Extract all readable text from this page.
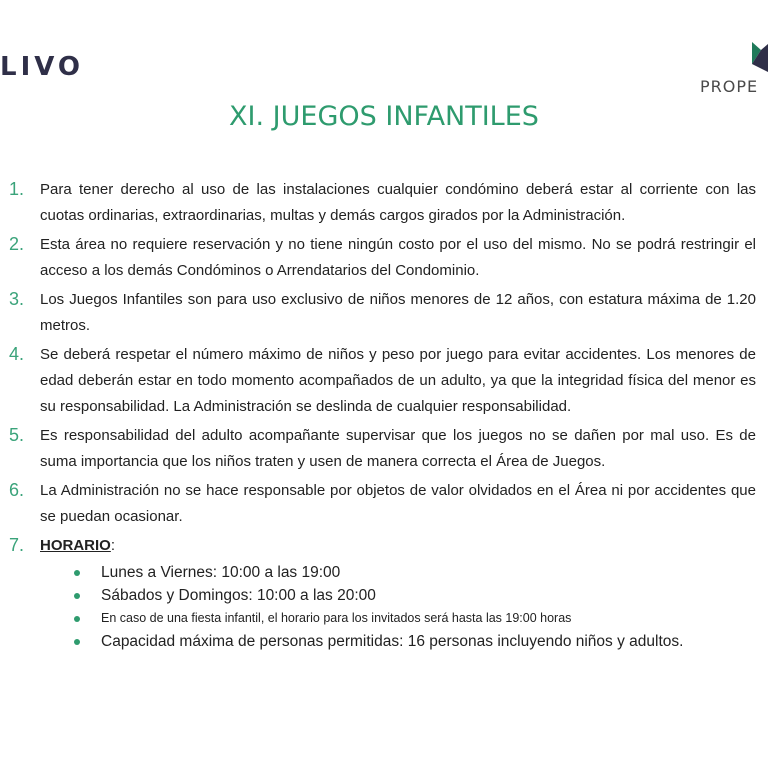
LIVO
PROPE
XI. JUEGOS INFANTILES
1. Para tener derecho al uso de las instalaciones cualquier condómino deberá estar al corriente con las cuotas ordinarias, extraordinarias, multas y demás cargos girados por la Administración.
2. Esta área no requiere reservación y no tiene ningún costo por el uso del mismo. No se podrá restringir el acceso a los demás Condóminos o Arrendatarios del Condominio.
3. Los Juegos Infantiles son para uso exclusivo de niños menores de 12 años, con estatura máxima de 1.20 metros.
4. Se deberá respetar el número máximo de niños y peso por juego para evitar accidentes. Los menores de edad deberán estar en todo momento acompañados de un adulto, ya que la integridad física del menor es su responsabilidad. La Administración se deslinda de cualquier responsabilidad.
5. Es responsabilidad del adulto acompañante supervisar que los juegos no se dañen por mal uso. Es de suma importancia que los niños traten y usen de manera correcta el Área de Juegos.
6. La Administración no se hace responsable por objetos de valor olvidados en el Área ni por accidentes que se puedan ocasionar.
7. HORARIO:
Lunes a Viernes: 10:00 a las 19:00
Sábados y Domingos: 10:00 a las 20:00
En caso de una fiesta infantil, el horario para los invitados será hasta las 19:00 horas
Capacidad máxima de personas permitidas: 16 personas incluyendo niños y adultos.
